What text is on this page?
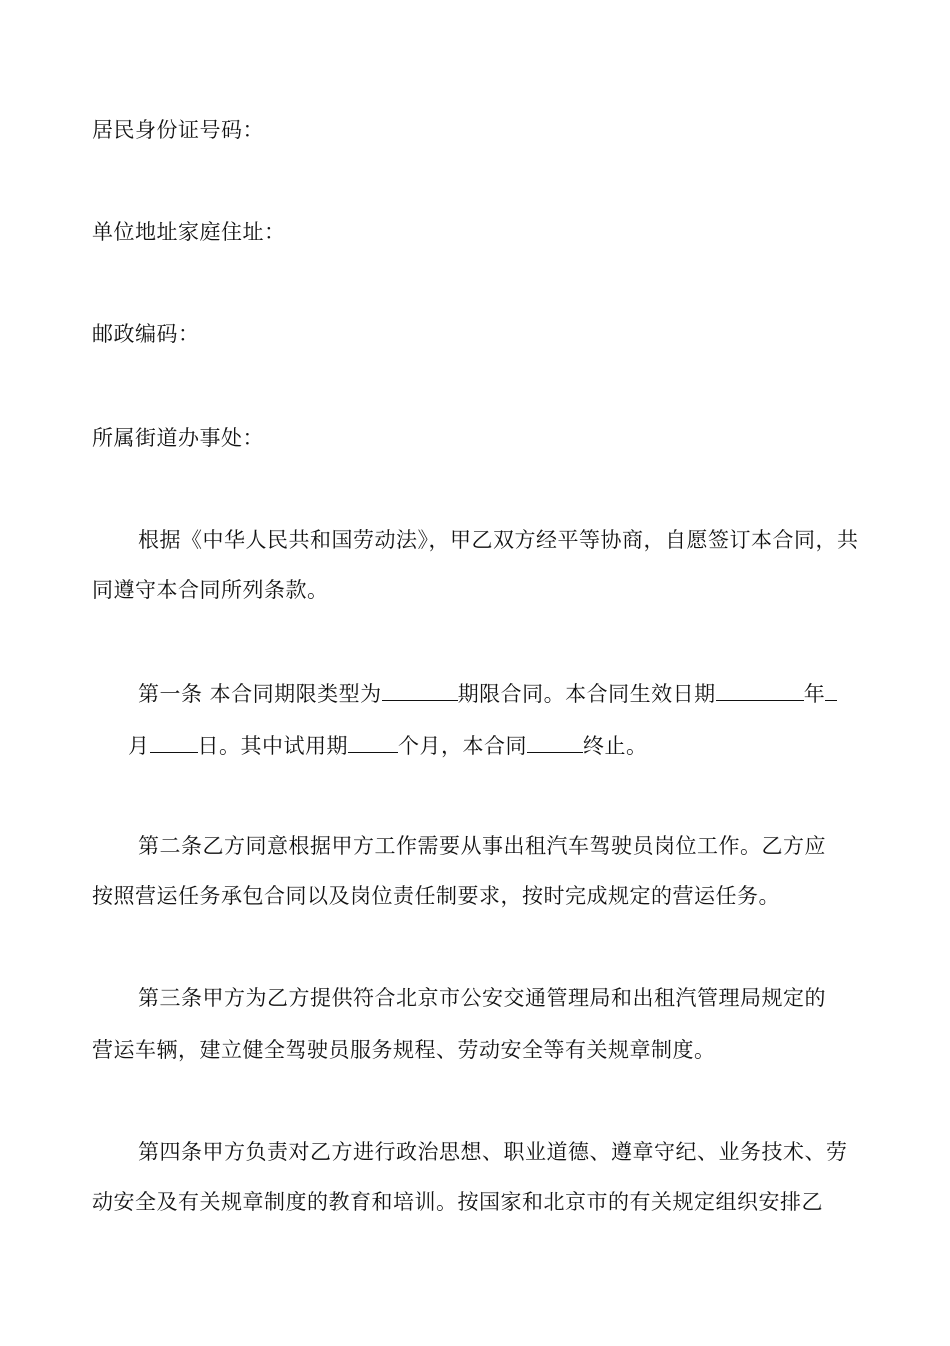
居民身份证号码：
单位地址家庭住址：
邮政编码：
所属街道办事处：
根据《中华人民共和国劳动法》，甲乙双方经平等协商，自愿签订本合同，共
同遵守本合同所列条款。
第一条 本合同期限类型为	期限合同。本合同生效日期	年
月 日。其中试用期 个月，本合同	终止。
第二条乙方同意根据甲方工作需要从事出租汽车驾驶员岗位工作。乙方应
按照营运任务承包合同以及岗位责任制要求，按时完成规定的营运任务。
第三条甲方为乙方提供符合北京市公安交通管理局和出租汽管理局规定的
营运车辆，建立健全驾驶员服务规程、劳动安全等有关规章制度。
第四条甲方负责对乙方进行政治思想、职业道德、遵章守纪、业务技术、劳
动安全及有关规章制度的教育和培训。按国家和北京市的有关规定组织安排乙
